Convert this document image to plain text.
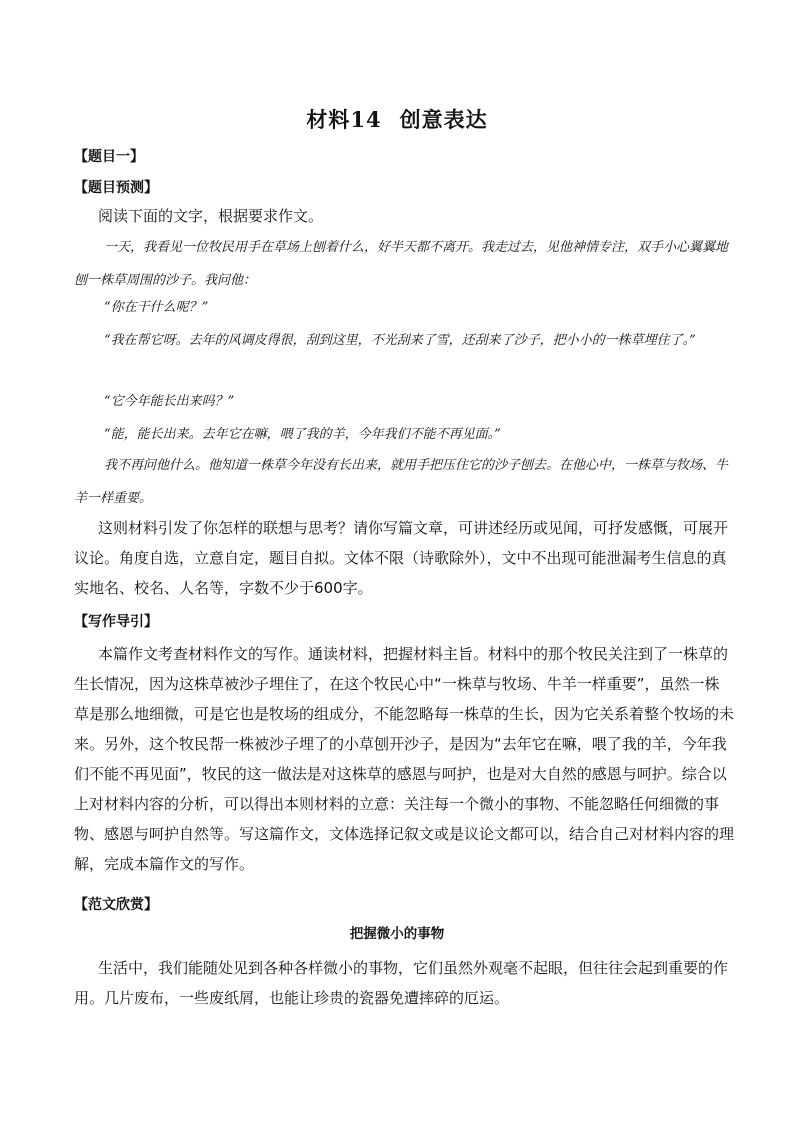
材料14 创意表达
【题目一】
【题目预测】

阅读下面的文字，根据要求作文。

一天，我看见一位牧民用手在草场上刨着什么，好半天都不离开。我走过去，见他神情专注，双手小心翼翼地刨一株草周围的沙子。我问他：

“你在干什么呢？”

“我在帮它呀。去年的风调皮得很，刮到这里，不光刮来了雪，还刮来了沙子，把小小的一株草埋住了。”

“它今年能长出来吗？”

“能，能长出来。去年它在嘛，喂了我的羊，今年我们不能不再见面。”

我不再问他什么。他知道一株草今年没有长出来，就用手把压住它的沙子刨去。在他心中，一株草与牧场、牛羊一样重要。

这则材料引发了你怎样的联想与思考？请你写篇文章，可讲述经历或见闻，可抒发感慨，可展开议论。角度自选，立意自定，题目自拟。文体不限（诗歌除外），文中不出现可能泄漏考生信息的真实地名、校名、人名等，字数不少于600字。

【写作导引】

本篇作文考查材料作文的写作。通读材料，把握材料主旨。材料中的那个牧民关注到了一株草的生长情况，因为这株草被沙子埋住了，在这个牧民心中“一株草与牧场、牛羊一样重要”，虽然一株草是那么地细微，可是它也是牧场的组成分，不能忽略每一株草的生长，因为它关系着整个牧场的未来。另外，这个牧民帮一株被沙子埋了的小草刨开沙子，是因为“去年它在嘛，喂了我的羊，今年我们不能不再见面”，牧民的这一做法是对这株草的感恩与呵护，也是对大自然的感恩与呵护。综合以上对材料内容的分析，可以得出本则材料的立意：关注每一个微小的事物、不能忽略任何细微的事物、感恩与呵护自然等。写这篇作文，文体选择记叙文或是议论文都可以，结合自己对材料内容的理解，完成本篇作文的写作。

【范文欣赏】
把握微小的事物

生活中，我们能随处见到各种各样微小的事物，它们虽然外观毫不起眼，但往往会起到重要的作用。几片废布，一些废纸屑，也能让珍贵的瓷器免遭摔碎的厄运。
